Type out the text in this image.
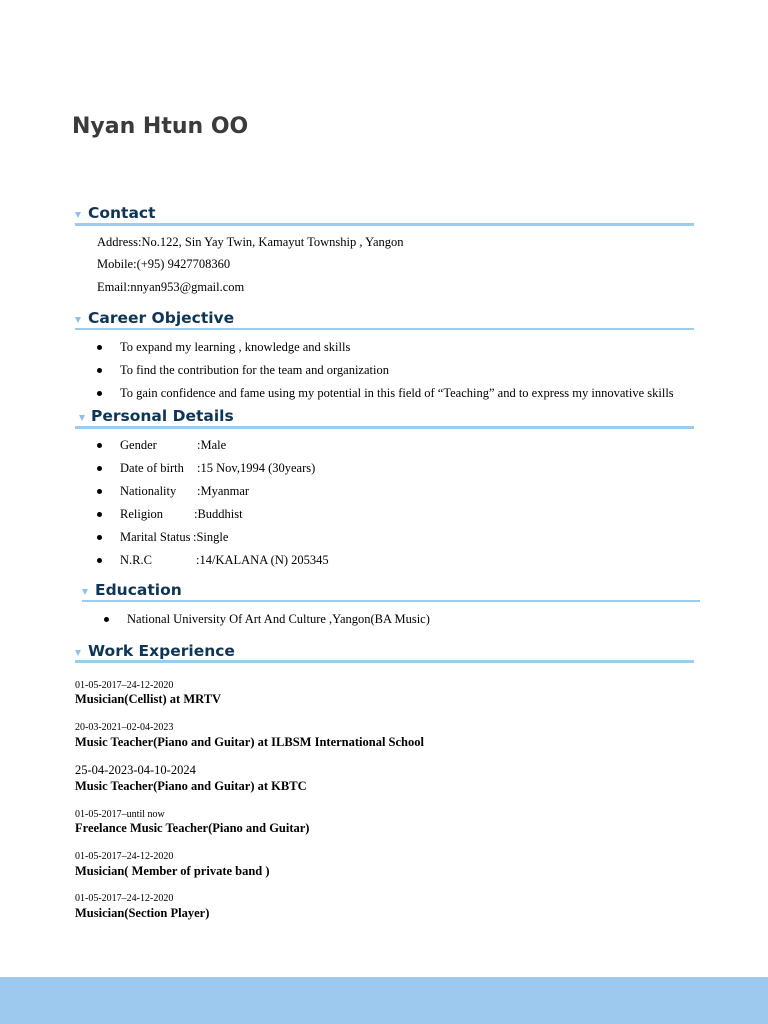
Nyan Htun OO
Contact
Address:No.122, Sin Yay Twin, Kamayut Township , Yangon
Mobile:(+95) 9427708360
Email:nnyan953@gmail.com
Career Objective
To expand my learning , knowledge and skills
To find the contribution for the team and organization
To gain confidence and fame using my potential in this field of “Teaching” and to express my innovative skills
Personal Details
Gender	:Male
Date of birth :15 Nov,1994 (30years)
Nationality :Myanmar
Religion :Buddhist
Marital Status :Single
N.R.C	:14/KALANA (N) 205345
Education
National University Of Art And Culture ,Yangon(BA Music)
Work Experience
01-05-2017–24-12-2020
Musician(Cellist) at MRTV
20-03-2021–02-04-2023
Music Teacher(Piano and Guitar) at ILBSM International School
25-04-2023-04-10-2024
Music Teacher(Piano and Guitar) at KBTC
01-05-2017–until now
Freelance Music Teacher(Piano and Guitar)
01-05-2017–24-12-2020
Musician( Member of private band )
01-05-2017–24-12-2020
Musician(Section Player)
